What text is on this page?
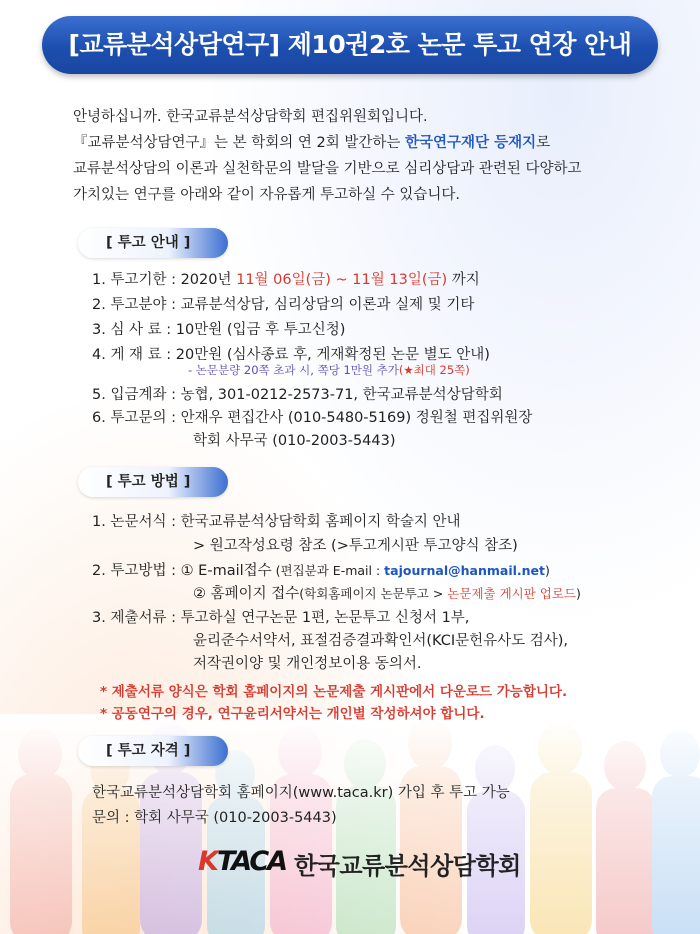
[교류분석상담연구] 제10권2호 논문 투고 연장 안내
안녕하십니까. 한국교류분석상담학회 편집위원회입니다.
『교류분석상담연구』는 본 학회의 연 2회 발간하는 한국연구재단 등재지로
교류분석상담의 이론과 실천학문의 발달을 기반으로 심리상담과 관련된 다양하고
가치있는 연구를 아래와 같이 자유롭게 투고하실 수 있습니다.
[ 투고 안내 ]
1. 투고기한 : 2020년 11월 06일(금) ~ 11월 13일(금) 까지
2. 투고분야 : 교류분석상담, 심리상담의 이론과 실제 및 기타
3. 심 사 료 : 10만원 (입금 후 투고신청)
4. 게 재 료 : 20만원 (심사종료 후, 게재확정된 논문 별도 안내)
- 논문분량 20쪽 초과 시, 쪽당 1만원 추가(★최대 25쪽)
5. 입금계좌 : 농협, 301-0212-2573-71, 한국교류분석상담학회
6. 투고문의 : 안재우 편집간사 (010-5480-5169) 정원철 편집위원장
학회 사무국 (010-2003-5443)
[ 투고 방법 ]
1. 논문서식 : 한국교류분석상담학회 홈페이지 학술지 안내
> 원고작성요령 참조 (>투고게시판 투고양식 참조)
2. 투고방법 : ① E-mail접수 (편집분과 E-mail : tajournal@hanmail.net)
② 홈페이지 접수(학회홈페이지 논문투고 > 논문제출 게시판 업로드)
3. 제출서류 : 투고하실 연구논문 1편, 논문투고 신청서 1부,
윤리준수서약서, 표절검증결과확인서(KCI문헌유사도 검사),
저작권이양 및 개인정보이용 동의서.
* 제출서류 양식은 학회 홈페이지의 논문제출 게시판에서 다운로드 가능합니다.
* 공동연구의 경우, 연구윤리서약서는 개인별 작성하셔야 합니다.
[ 투고 자격 ]
한국교류분석상담학회 홈페이지(www.taca.kr) 가입 후 투고 가능
문의 : 학회 사무국 (010-2003-5443)
KTACA 한국교류분석상담학회
